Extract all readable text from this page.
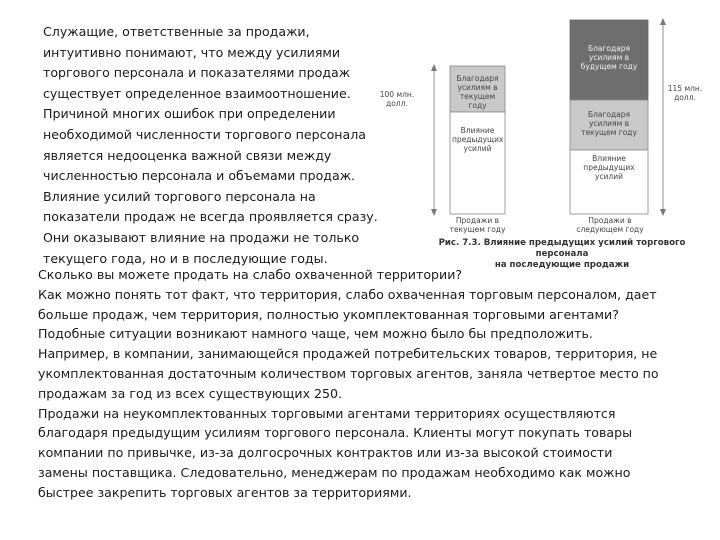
Служащие, ответственные за продажи,
интуитивно понимают, что между усилиями
торгового персонала и показателями продаж
существует определенное взаимоотношение.
Причиной многих ошибок при определении
необходимой численности торгового персонала
является недооценка важной связи между
численностью персонала и объемами продаж.
Влияние усилий торгового персонала на
показатели продаж не всегда проявляется сразу.
Они оказывают влияние на продажи не только
текущего года, но и в последующие годы.
100 млн. долл.
115 млн. долл.
Благодаря усилиям в текущем году
Влияние предыдущих усилий
Благодаря усилиям в будущем году
Благодаря усилиям в текущем году
Влияние предыдущих усилий
Продажи в текущем году
Продажи в следующем году
Рис. 7.3. Влияние предыдущих усилий торгового персонала
на последующие продажи
Сколько вы можете продать на слабо охваченной территории?
Как можно понять тот факт, что территория, слабо охваченная торговым персоналом, дает
больше продаж, чем территория, полностью укомплектованная торговыми агентами?
Подобные ситуации возникают намного чаще, чем можно было бы предположить.
Например, в компании, занимающейся продажей потребительских товаров, территория, не
укомплектованная достаточным количеством торговых агентов, заняла четвертое место по
продажам за год из всех существующих 250.
Продажи на неукомплектованных торговыми агентами территориях осуществляются
благодаря предыдущим усилиям торгового персонала. Клиенты могут покупать товары
компании по привычке, из-за долгосрочных контрактов или из-за высокой стоимости
замены поставщика. Следовательно, менеджерам по продажам необходимо как можно
быстрее закрепить торговых агентов за территориями.
